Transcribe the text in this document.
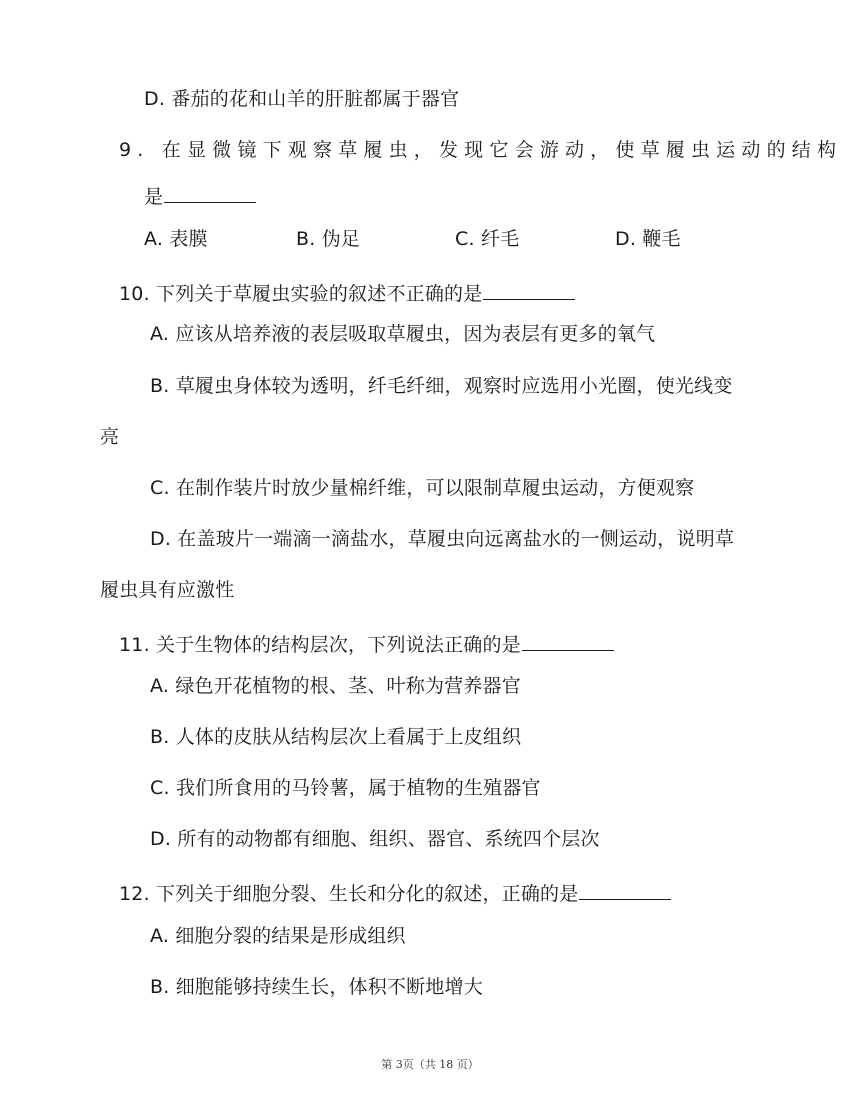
D. 番茄的花和山羊的肝脏都属于器官
9. 在显微镜下观察草履虫，发现它会游动，使草履虫运动的结构
是
A. 表膜	B. 伪足	C. 纤毛	D. 鞭毛
10. 下列关于草履虫实验的叙述不正确的是
A. 应该从培养液的表层吸取草履虫，因为表层有更多的氧气
B. 草履虫身体较为透明，纤毛纤细，观察时应选用小光圈，使光线变
亮
C. 在制作装片时放少量棉纤维，可以限制草履虫运动，方便观察
D. 在盖玻片一端滴一滴盐水，草履虫向远离盐水的一侧运动，说明草
履虫具有应激性
11. 关于生物体的结构层次，下列说法正确的是
A. 绿色开花植物的根、茎、叶称为营养器官
B. 人体的皮肤从结构层次上看属于上皮组织
C. 我们所食用的马铃薯，属于植物的生殖器官
D. 所有的动物都有细胞、组织、器官、系统四个层次
12. 下列关于细胞分裂、生长和分化的叙述，正确的是
A. 细胞分裂的结果是形成组织
B. 细胞能够持续生长，体积不断地增大
第 3页（共 18 页）
